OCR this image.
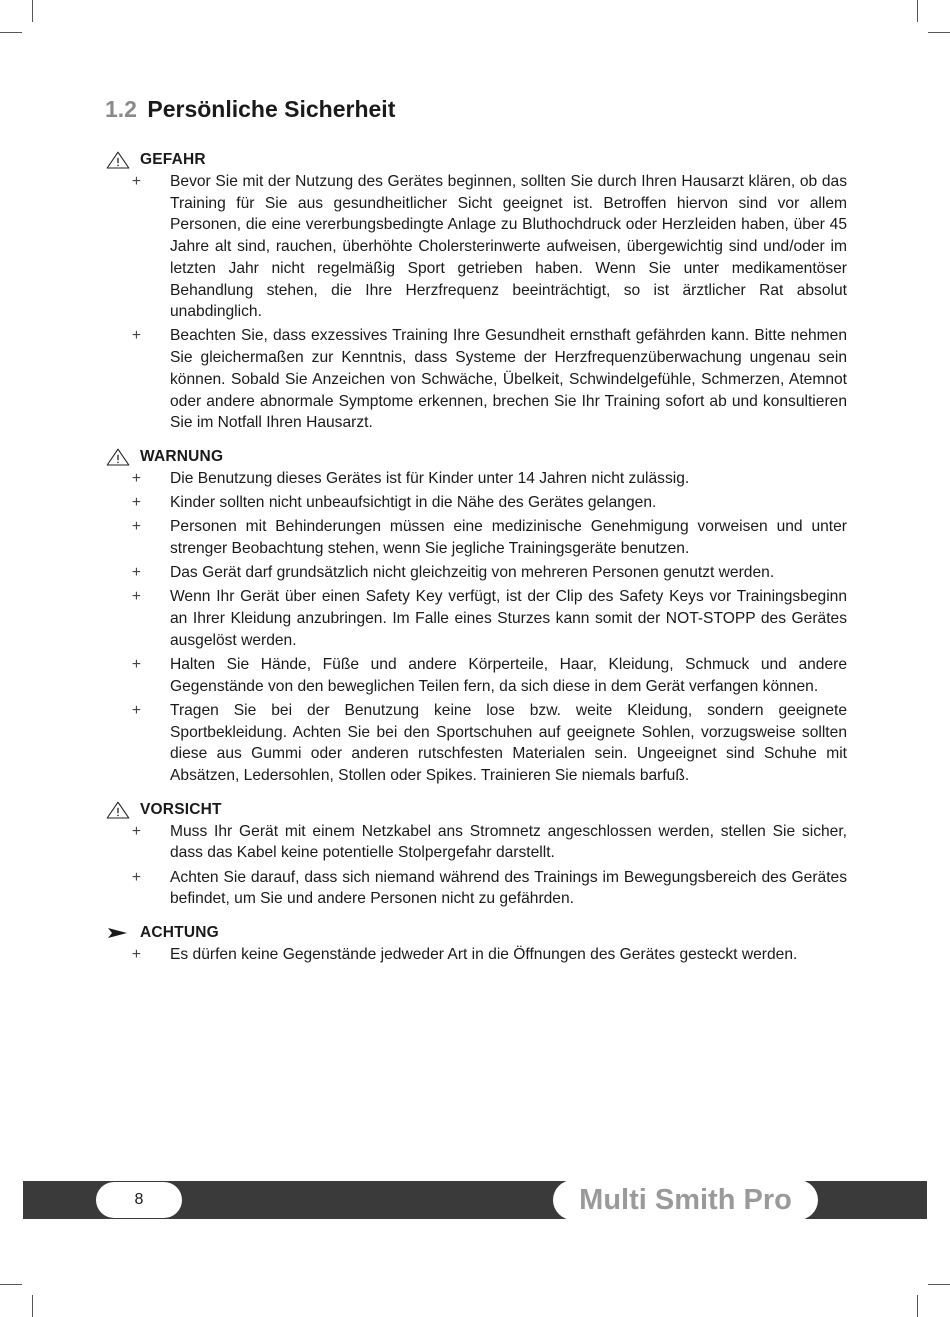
1.2 Persönliche Sicherheit
GEFAHR
+	Bevor Sie mit der Nutzung des Gerätes beginnen, sollten Sie durch Ihren Hausarzt klären, ob das Training für Sie aus gesundheitlicher Sicht geeignet ist. Betroffen hiervon sind vor allem Personen, die eine vererbungsbedingte Anlage zu Bluthochdruck oder Herzleiden haben, über 45 Jahre alt sind, rauchen, überhöhte Cholersterinwerte aufweisen, übergewichtig sind und/oder im letzten Jahr nicht regelmäßig Sport getrieben haben. Wenn Sie unter medikamentöser Behandlung stehen, die Ihre Herzfrequenz beeinträchtigt, so ist ärztlicher Rat absolut unabdinglich.
+	Beachten Sie, dass exzessives Training Ihre Gesundheit ernsthaft gefährden kann. Bitte nehmen Sie gleichermaßen zur Kenntnis, dass Systeme der Herzfrequenzüberwachung ungenau sein können. Sobald Sie Anzeichen von Schwäche, Übelkeit, Schwindelgefühle, Schmerzen, Atemnot oder andere abnormale Symptome erkennen, brechen Sie Ihr Training sofort ab und konsultieren Sie im Notfall Ihren Hausarzt.
WARNUNG
+	Die Benutzung dieses Gerätes ist für Kinder unter 14 Jahren nicht zulässig.
+	Kinder sollten nicht unbeaufsichtigt in die Nähe des Gerätes gelangen.
+	Personen mit Behinderungen müssen eine medizinische Genehmigung vorweisen und unter strenger Beobachtung stehen, wenn Sie jegliche Trainingsgeräte benutzen.
+	Das Gerät darf grundsätzlich nicht gleichzeitig von mehreren Personen genutzt werden.
+	Wenn Ihr Gerät über einen Safety Key verfügt, ist der Clip des Safety Keys vor Trainingsbeginn an Ihrer Kleidung anzubringen. Im Falle eines Sturzes kann somit der NOT-STOPP des Gerätes ausgelöst werden.
+	Halten Sie Hände, Füße und andere Körperteile, Haar, Kleidung, Schmuck und andere Gegenstände von den beweglichen Teilen fern, da sich diese in dem Gerät verfangen können.
+	Tragen Sie bei der Benutzung keine lose bzw. weite Kleidung, sondern geeignete Sportbekleidung. Achten Sie bei den Sportschuhen auf geeignete Sohlen, vorzugsweise sollten diese aus Gummi oder anderen rutschfesten Materialen sein. Ungeeignet sind Schuhe mit Absätzen, Ledersohlen, Stollen oder Spikes. Trainieren Sie niemals barfuß.
VORSICHT
+	Muss Ihr Gerät mit einem Netzkabel ans Stromnetz angeschlossen werden, stellen Sie sicher, dass das Kabel keine potentielle Stolpergefahr darstellt.
+	Achten Sie darauf, dass sich niemand während des Trainings im Bewegungsbereich des Gerätes befindet, um Sie und andere Personen nicht zu gefährden.
ACHTUNG
+	Es dürfen keine Gegenstände jedweder Art in die Öffnungen des Gerätes gesteckt werden.
8	Multi Smith Pro
